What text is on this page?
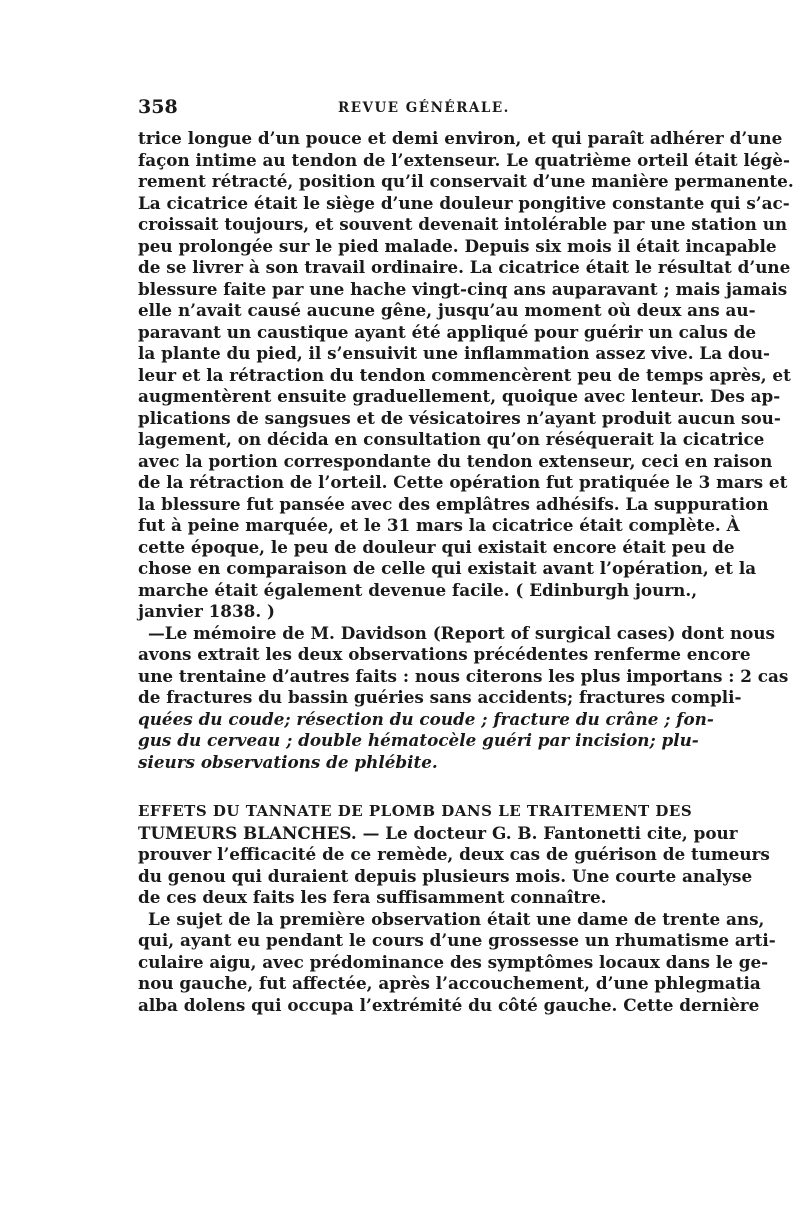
358	REVUE GÉNÉRALE.
trice longue d’un pouce et demi environ, et qui paraît adhérer d’une
façon intime au tendon de l’extenseur. Le quatrième orteil était légè-
rement rétracté, position qu’il conservait d’une manière permanente.
La cicatrice était le siège d’une douleur pongitive constante qui s’ac-
croissait toujours, et souvent devenait intolérable par une station un
peu prolongée sur le pied malade. Depuis six mois il était incapable
de se livrer à son travail ordinaire. La cicatrice était le résultat d’une
blessure faite par une hache vingt-cinq ans auparavant ; mais jamais
elle n’avait causé aucune gêne, jusqu’au moment où deux ans au-
paravant un caustique ayant été appliqué pour guérir un calus de
la plante du pied, il s’ensuivit une inflammation assez vive. La dou-
leur et la rétraction du tendon commencèrent peu de temps après, et
augmentèrent ensuite graduellement, quoique avec lenteur. Des ap-
plications de sangsues et de vésicatoires n’ayant produit aucun sou-
lagement, on décida en consultation qu’on réséquerait la cicatrice
avec la portion correspondante du tendon extenseur, ceci en raison
de la rétraction de l’orteil. Cette opération fut pratiquée le 3 mars et
la blessure fut pansée avec des emplâtres adhésifs. La suppuration
fut à peine marquée, et le 31 mars la cicatrice était complète. À
cette époque, le peu de douleur qui existait encore était peu de
chose en comparaison de celle qui existait avant l’opération, et la
marche était également devenue facile. ( Edinburgh journ.,
janvier 1838. )
—Le mémoire de M. Davidson (Report of surgical cases) dont nous
avons extrait les deux observations précédentes renferme encore
une trentaine d’autres faits : nous citerons les plus importans : 2 cas
de fractures du bassin guéries sans accidents; fractures compli-
quées du coude; résection du coude ; fracture du crâne ; fon-
gus du cerveau ; double hématocèle guéri par incision; plu-
sieurs observations de phlébite.
EFFETS DU TANNATE DE PLOMB DANS LE TRAITEMENT DES
TUMEURS BLANCHES. — Le docteur G. B. Fantonetti cite, pour
prouver l’efficacité de ce remède, deux cas de guérison de tumeurs
du genou qui duraient depuis plusieurs mois. Une courte analyse
de ces deux faits les fera suffisamment connaître.
Le sujet de la première observation était une dame de trente ans,
qui, ayant eu pendant le cours d’une grossesse un rhumatisme arti-
culaire aigu, avec prédominance des symptômes locaux dans le ge-
nou gauche, fut affectée, après l’accouchement, d’une phlegmatia
alba dolens qui occupa l’extrémité du côté gauche. Cette dernière
